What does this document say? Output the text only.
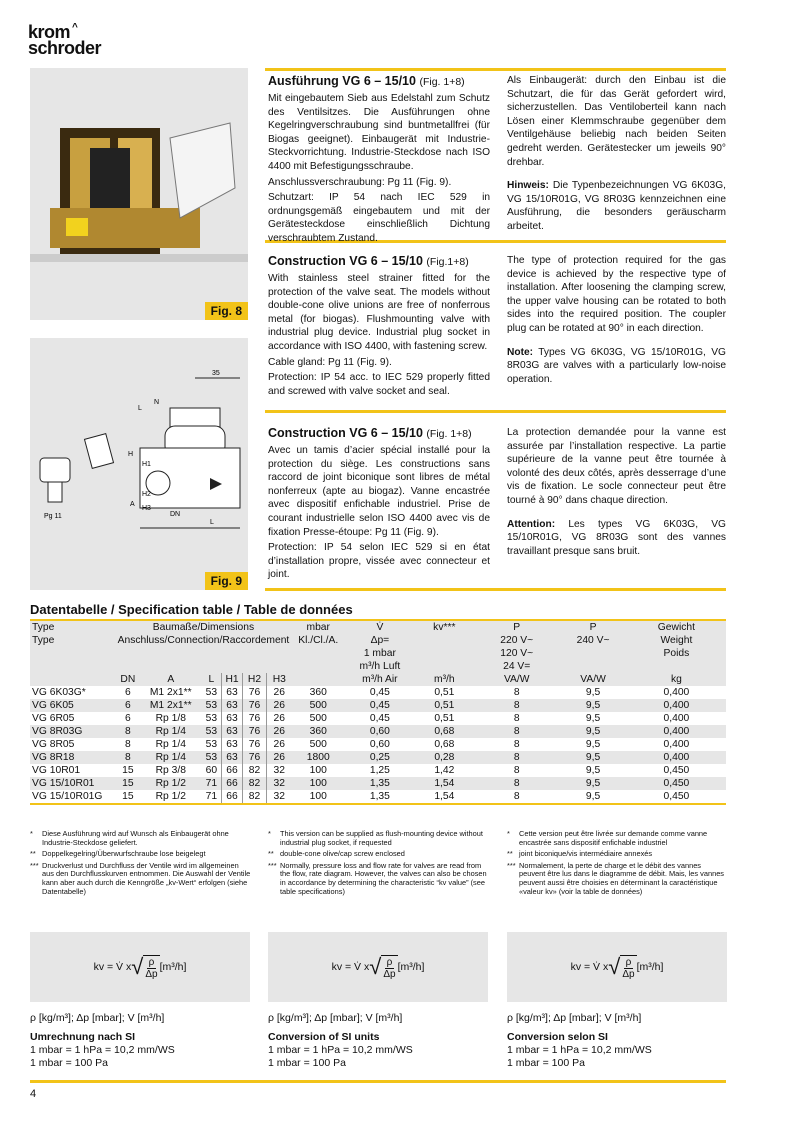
^
krom
schroder
Fig. 8
Pg 11
35
L
N
H1
H
H2
H3
A
DN
L
Fig. 9

Ausführung VG 6 – 15/10 (Fig. 1+8)

Mit eingebautem Sieb aus Edelstahl zum Schutz des Ventilsitzes. Die Ausführungen ohne Kegelringverschraubung sind buntmetallfrei (für Biogas geeignet). Einbaugerät mit Industrie-Steckvorrichtung. Industrie-Steckdose nach ISO 4400 mit Befestigungsschraube.

Anschlussverschraubung: Pg 11 (Fig. 9).

Schutzart: IP 54 nach IEC 529 in ordnungsgemäß eingebautem und mit der Gerätesteckdose einschließlich Dichtung verschraubtem Zustand.

Als Einbaugerät: durch den Einbau ist die Schutzart, die für das Gerät gefordert wird, sicherzustellen. Das Ventiloberteil kann nach Lösen einer Klemmschraube gegenüber dem Ventilgehäuse beliebig nach beiden Seiten gedreht werden. Gerätestecker um jeweils 90° drehbar.

Hinweis: Die Typenbezeichnungen VG 6K03G, VG 15/10R01G, VG 8R03G kennzeichnen eine Ausführung, die besonders geräuscharm arbeitet.

Construction VG 6 – 15/10 (Fig.1+8)

With stainless steel strainer fitted for the protection of the valve seat. The models without double-cone olive unions are free of nonferrous metal (for biogas). Flushmounting valve with industrial plug device. Industrial plug socket in accordance with ISO 4400, with fastening screw.

Cable gland: Pg 11 (Fig. 9).

Protection: IP 54 acc. to IEC 529 properly fitted and screwed with valve socket and seal.

The type of protection required for the gas device is achieved by the respective type of installation. After loosening the clamping screw, the upper valve housing can be rotated to both sides into the required position. The coupler plug can be rotated at 90° in each direction.

Note: Types VG 6K03G, VG 15/10R01G, VG 8R03G are valves with a particularly low-noise operation.

Construction VG 6 – 15/10 (Fig. 1+8)

Avec un tamis d’acier spécial installé pour la protection du siège. Les constructions sans raccord de joint biconique sont libres de métal nonferreux (apte au biogaz). Vanne encastrée avec dispositif enfichable industriel. Prise de courant industrielle selon ISO 4400 avec vis de fixation Presse-étoupe: Pg 11 (Fig. 9).

Protection: IP 54 selon IEC 529 si en état d’installation propre, vissée avec connecteur et joint.

La protection demandée pour la vanne est assurée par l’installation respective. La partie supérieure de la vanne peut être tournée à volonté des deux côtés, après desserrage d’une vis de fixation. Le socle connecteur peut être tourné à 90° dans chaque direction.

Attention: Les types VG 6K03G, VG 15/10R01G, VG 8R03G sont des vannes travaillant presque sans bruit.

Datentabelle / Specification table / Table de données
Type	Baumaße/Dimensions						mbar	V̇	kv***	P	P	Gewicht
Type	Anschluss/Connection/Raccordement						Kl./Cl./A.	Δp=		220 V~	240 V~	Weight
								1 mbar		120 V~		Poids
								m³/h Luft		24 V=		
	DN	A	L	H1	H2	H3		m³/h Air	m³/h	VA/W	VA/W	kg
VG 6K03G*	6	M1 2x1**	53	63	76	26	360	0,45	0,51	8	9,5	0,400
VG 6K05	6	M1 2x1**	53	63	76	26	500	0,45	0,51	8	9,5	0,400
VG 6R05	6	Rp 1/8	53	63	76	26	500	0,45	0,51	8	9,5	0,400
VG 8R03G	8	Rp 1/4	53	63	76	26	360	0,60	0,68	8	9,5	0,400
VG 8R05	8	Rp 1/4	53	63	76	26	500	0,60	0,68	8	9,5	0,400
VG 8R18	8	Rp 1/4	53	63	76	26	1800	0,25	0,28	8	9,5	0,400
VG 10R01	15	Rp 3/8	60	66	82	32	100	1,25	1,42	8	9,5	0,450
VG 15/10R01	15	Rp 1/2	71	66	82	32	100	1,35	1,54	8	9,5	0,450
VG 15/10R01G	15	Rp 1/2	71	66	82	32	100	1,35	1,54	8	9,5	0,450
* Diese Ausführung wird auf Wunsch als Einbaugerät ohne Industrie-Steckdose geliefert.
** Doppelkegelring/Überwurfschraube lose beigelegt
*** Druckverlust und Durchfluss der Ventile wird im allgemeinen aus den Durchflusskurven entnommen. Die Auswahl der Ventile kann aber auch durch die Kenngröße „kv-Wert“ erfolgen (siehe Datentabelle)
* This version can be supplied as flush-mounting device without industrial plug socket, if requested
** double-cone olive/cap screw enclosed
*** Normally, pressure loss and flow rate for valves are read from the flow, rate diagram. However, the valves can also be chosen in accordance by determining the characteristic “kv value” (see table specifications)
* Cette version peut être livrée sur demande comme vanne encastrée sans dispositif enfichable industriel
** joint biconique/vis intermédiaire annexés
*** Normalement, la perte de charge et le débit des vannes peuvent être lus dans le diagramme de débit. Mais, les vannes peuvent aussi être choisies en déterminant la caractéristique «valeur kv» (voir la table de données)
kv = V̇ x √ $\frac{\rho}{\Delta p} [m^3/h]$	kv = V̇ x √ $\frac{\rho}{\Delta p} [m^3/h]$	kv = V̇ x √ $\frac{\rho}{\Delta p} [m^3/h]$
ρ [kg/m³]; Δp [mbar]; V [m³/h]
Umrechnung nach SI
1 mbar = 1 hPa = 10,2 mm/WS
1 mbar = 100 Pa
ρ [kg/m³]; Δp [mbar]; V [m³/h]
Conversion of SI units
1 mbar = 1 hPa = 10,2 mm/WS
1 mbar = 100 Pa
ρ [kg/m³]; Δp [mbar]; V [m³/h]
Conversion selon SI
1 mbar = 1 hPa = 10,2 mm/WS
1 mbar = 100 Pa
4
